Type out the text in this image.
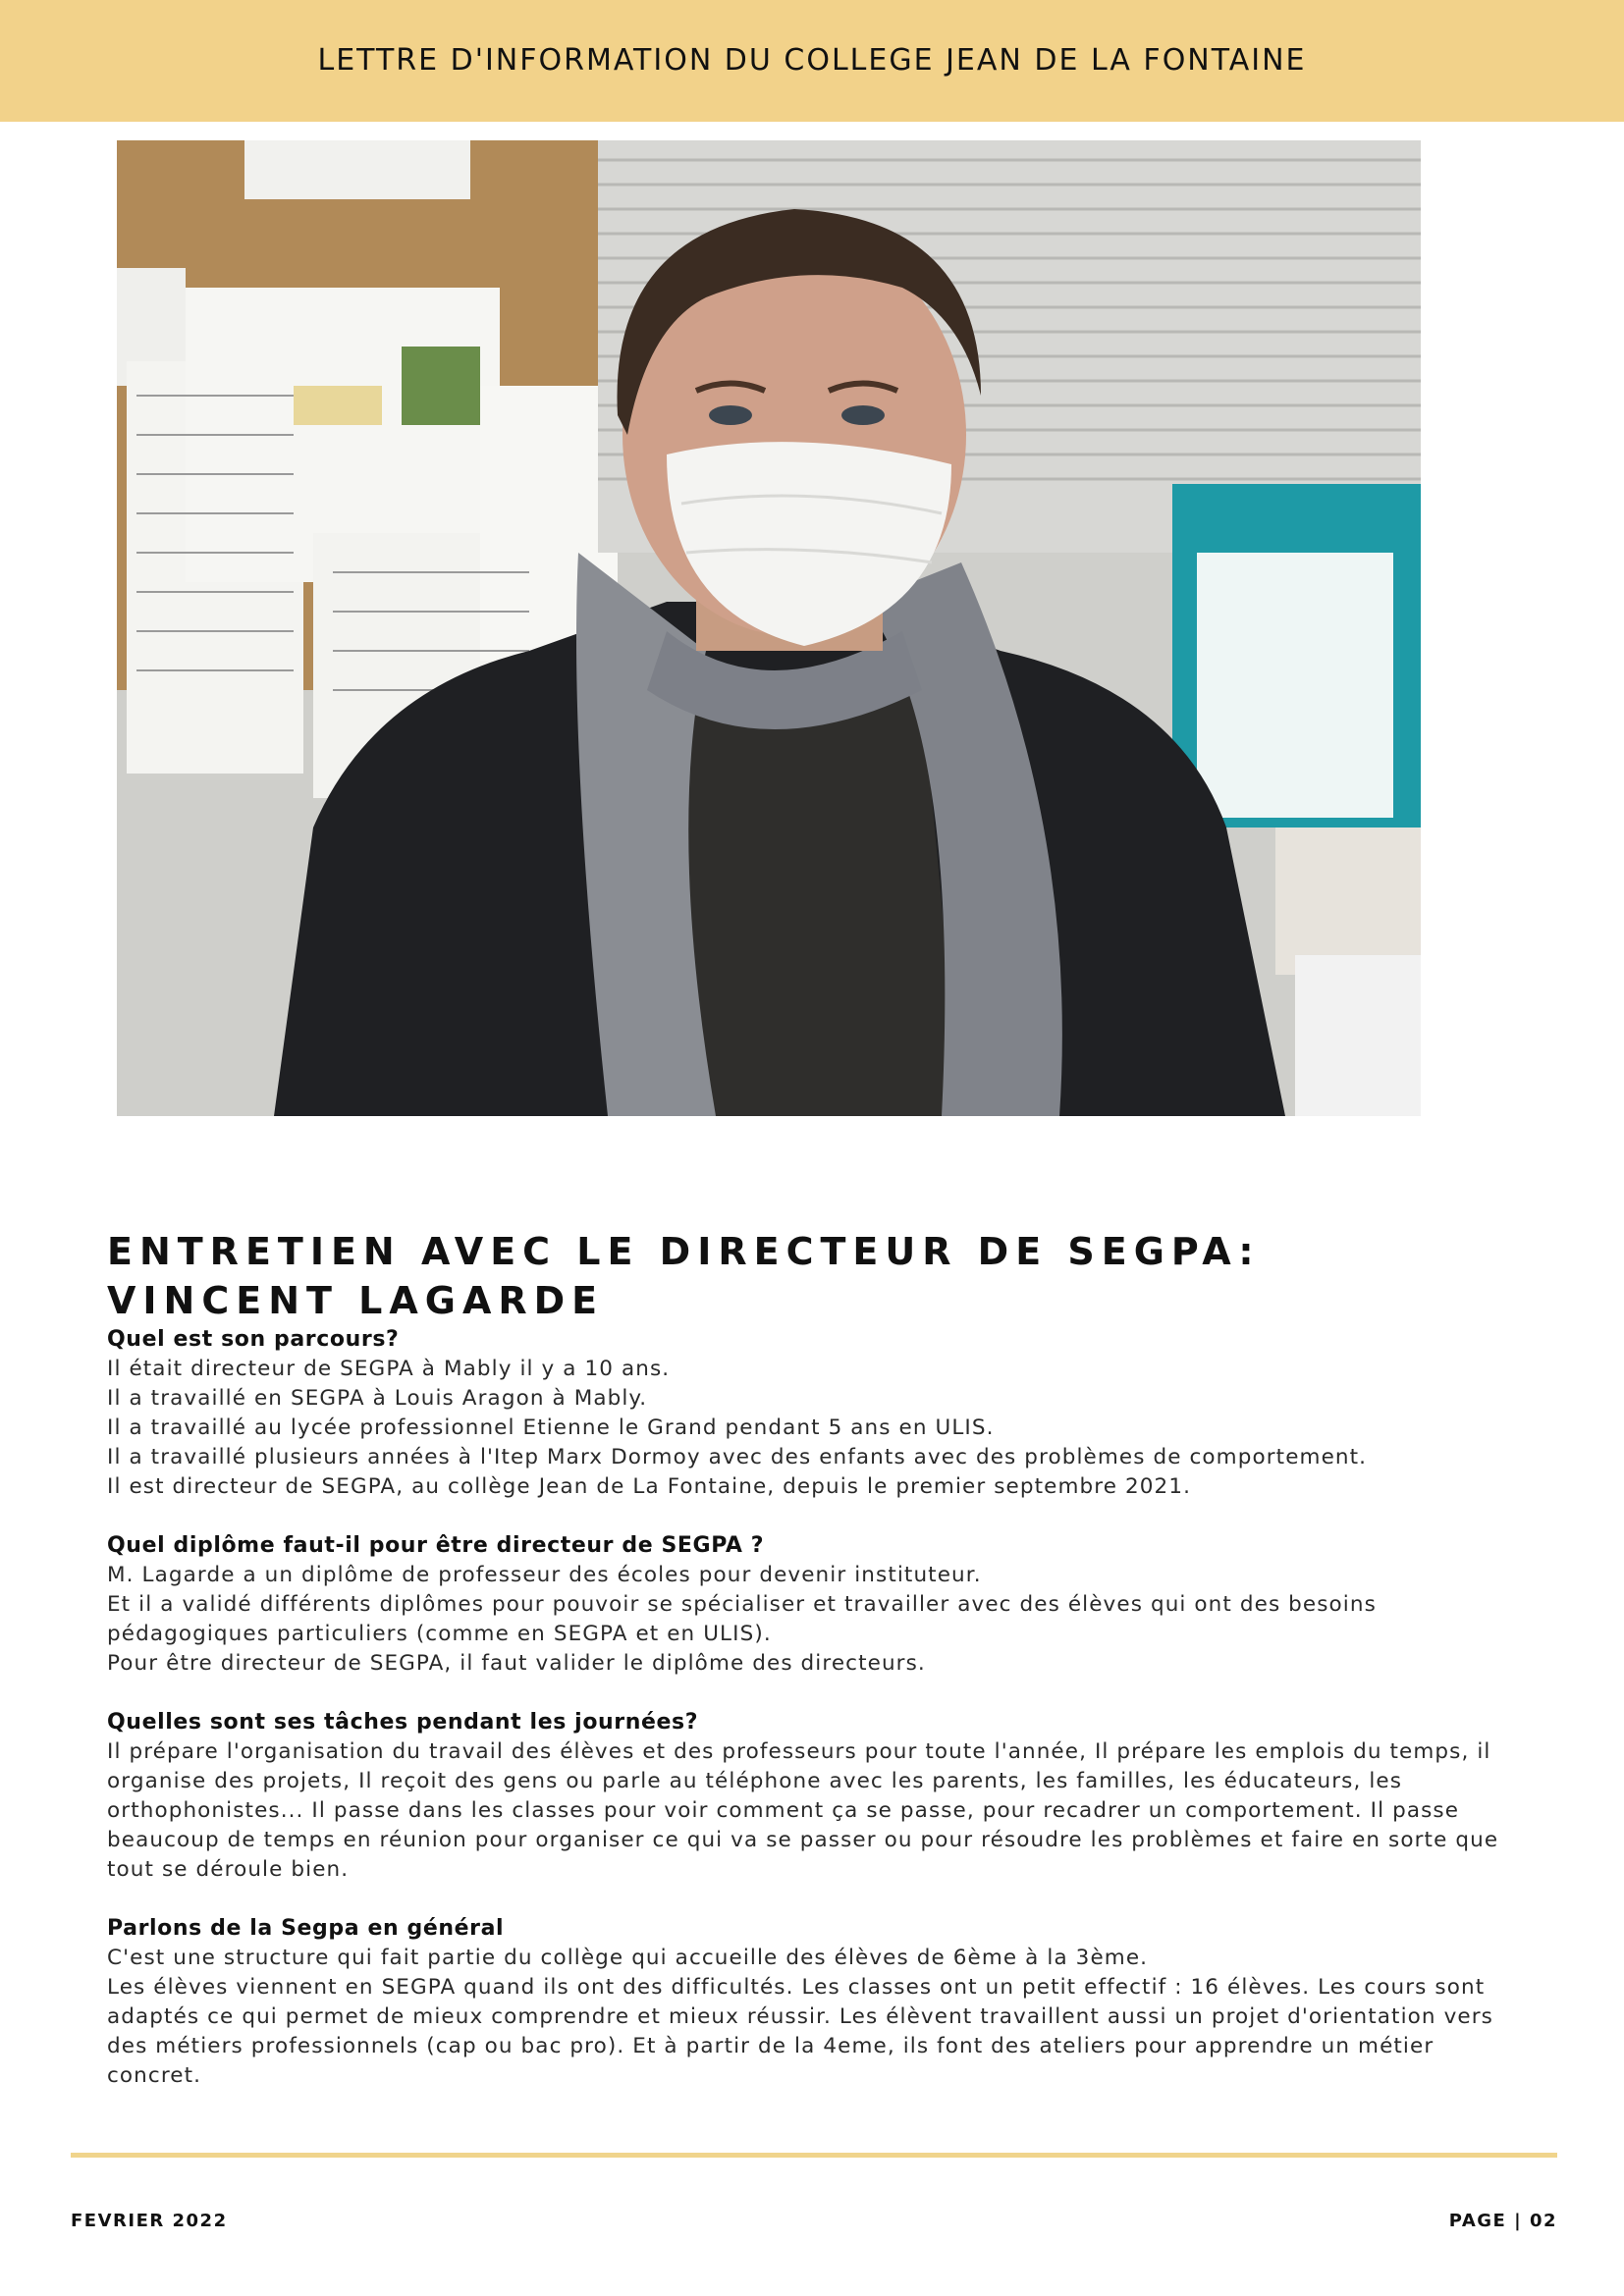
LETTRE D'INFORMATION DU COLLEGE JEAN DE LA FONTAINE
ENTRETIEN AVEC LE DIRECTEUR DE SEGPA:
VINCENT LAGARDE

Quel est son parcours?

Il était directeur de SEGPA à Mably il y a 10 ans.

Il a travaillé en SEGPA à Louis Aragon à Mably.

Il a travaillé au lycée professionnel Etienne le Grand pendant 5 ans en ULIS.

Il a travaillé plusieurs années à l'Itep Marx Dormoy avec des enfants avec des problèmes de comportement.

Il est directeur de SEGPA, au collège Jean de La Fontaine, depuis le premier septembre 2021.

Quel diplôme faut-il pour être directeur de SEGPA ?

M. Lagarde a un diplôme de professeur des écoles pour devenir instituteur.

Et il a validé différents diplômes pour pouvoir se spécialiser et travailler avec des élèves qui ont des besoins pédagogiques particuliers (comme en SEGPA et en ULIS).

Pour être directeur de SEGPA, il faut valider le diplôme des directeurs.

Quelles sont ses tâches pendant les journées?

Il prépare l'organisation du travail des élèves et des professeurs pour toute l'année, Il prépare les emplois du temps, il organise des projets, Il reçoit des gens ou parle au téléphone avec les parents, les familles, les éducateurs, les orthophonistes... Il passe dans les classes pour voir comment ça se passe, pour recadrer un comportement. Il passe beaucoup de temps en réunion pour organiser ce qui va se passer ou pour résoudre les problèmes et faire en sorte que tout se déroule bien.

Parlons de la Segpa en général

C'est une structure qui fait partie du collège qui accueille des élèves de 6ème à la 3ème.

Les élèves viennent en SEGPA quand ils ont des difficultés. Les classes ont un petit effectif : 16 élèves. Les cours sont adaptés ce qui permet de mieux comprendre et mieux réussir. Les élèvent travaillent aussi un projet d'orientation vers des métiers professionnels (cap ou bac pro). Et à partir de la 4eme, ils font des ateliers pour apprendre un métier concret.

FEVRIER 2022	PAGE | 02
